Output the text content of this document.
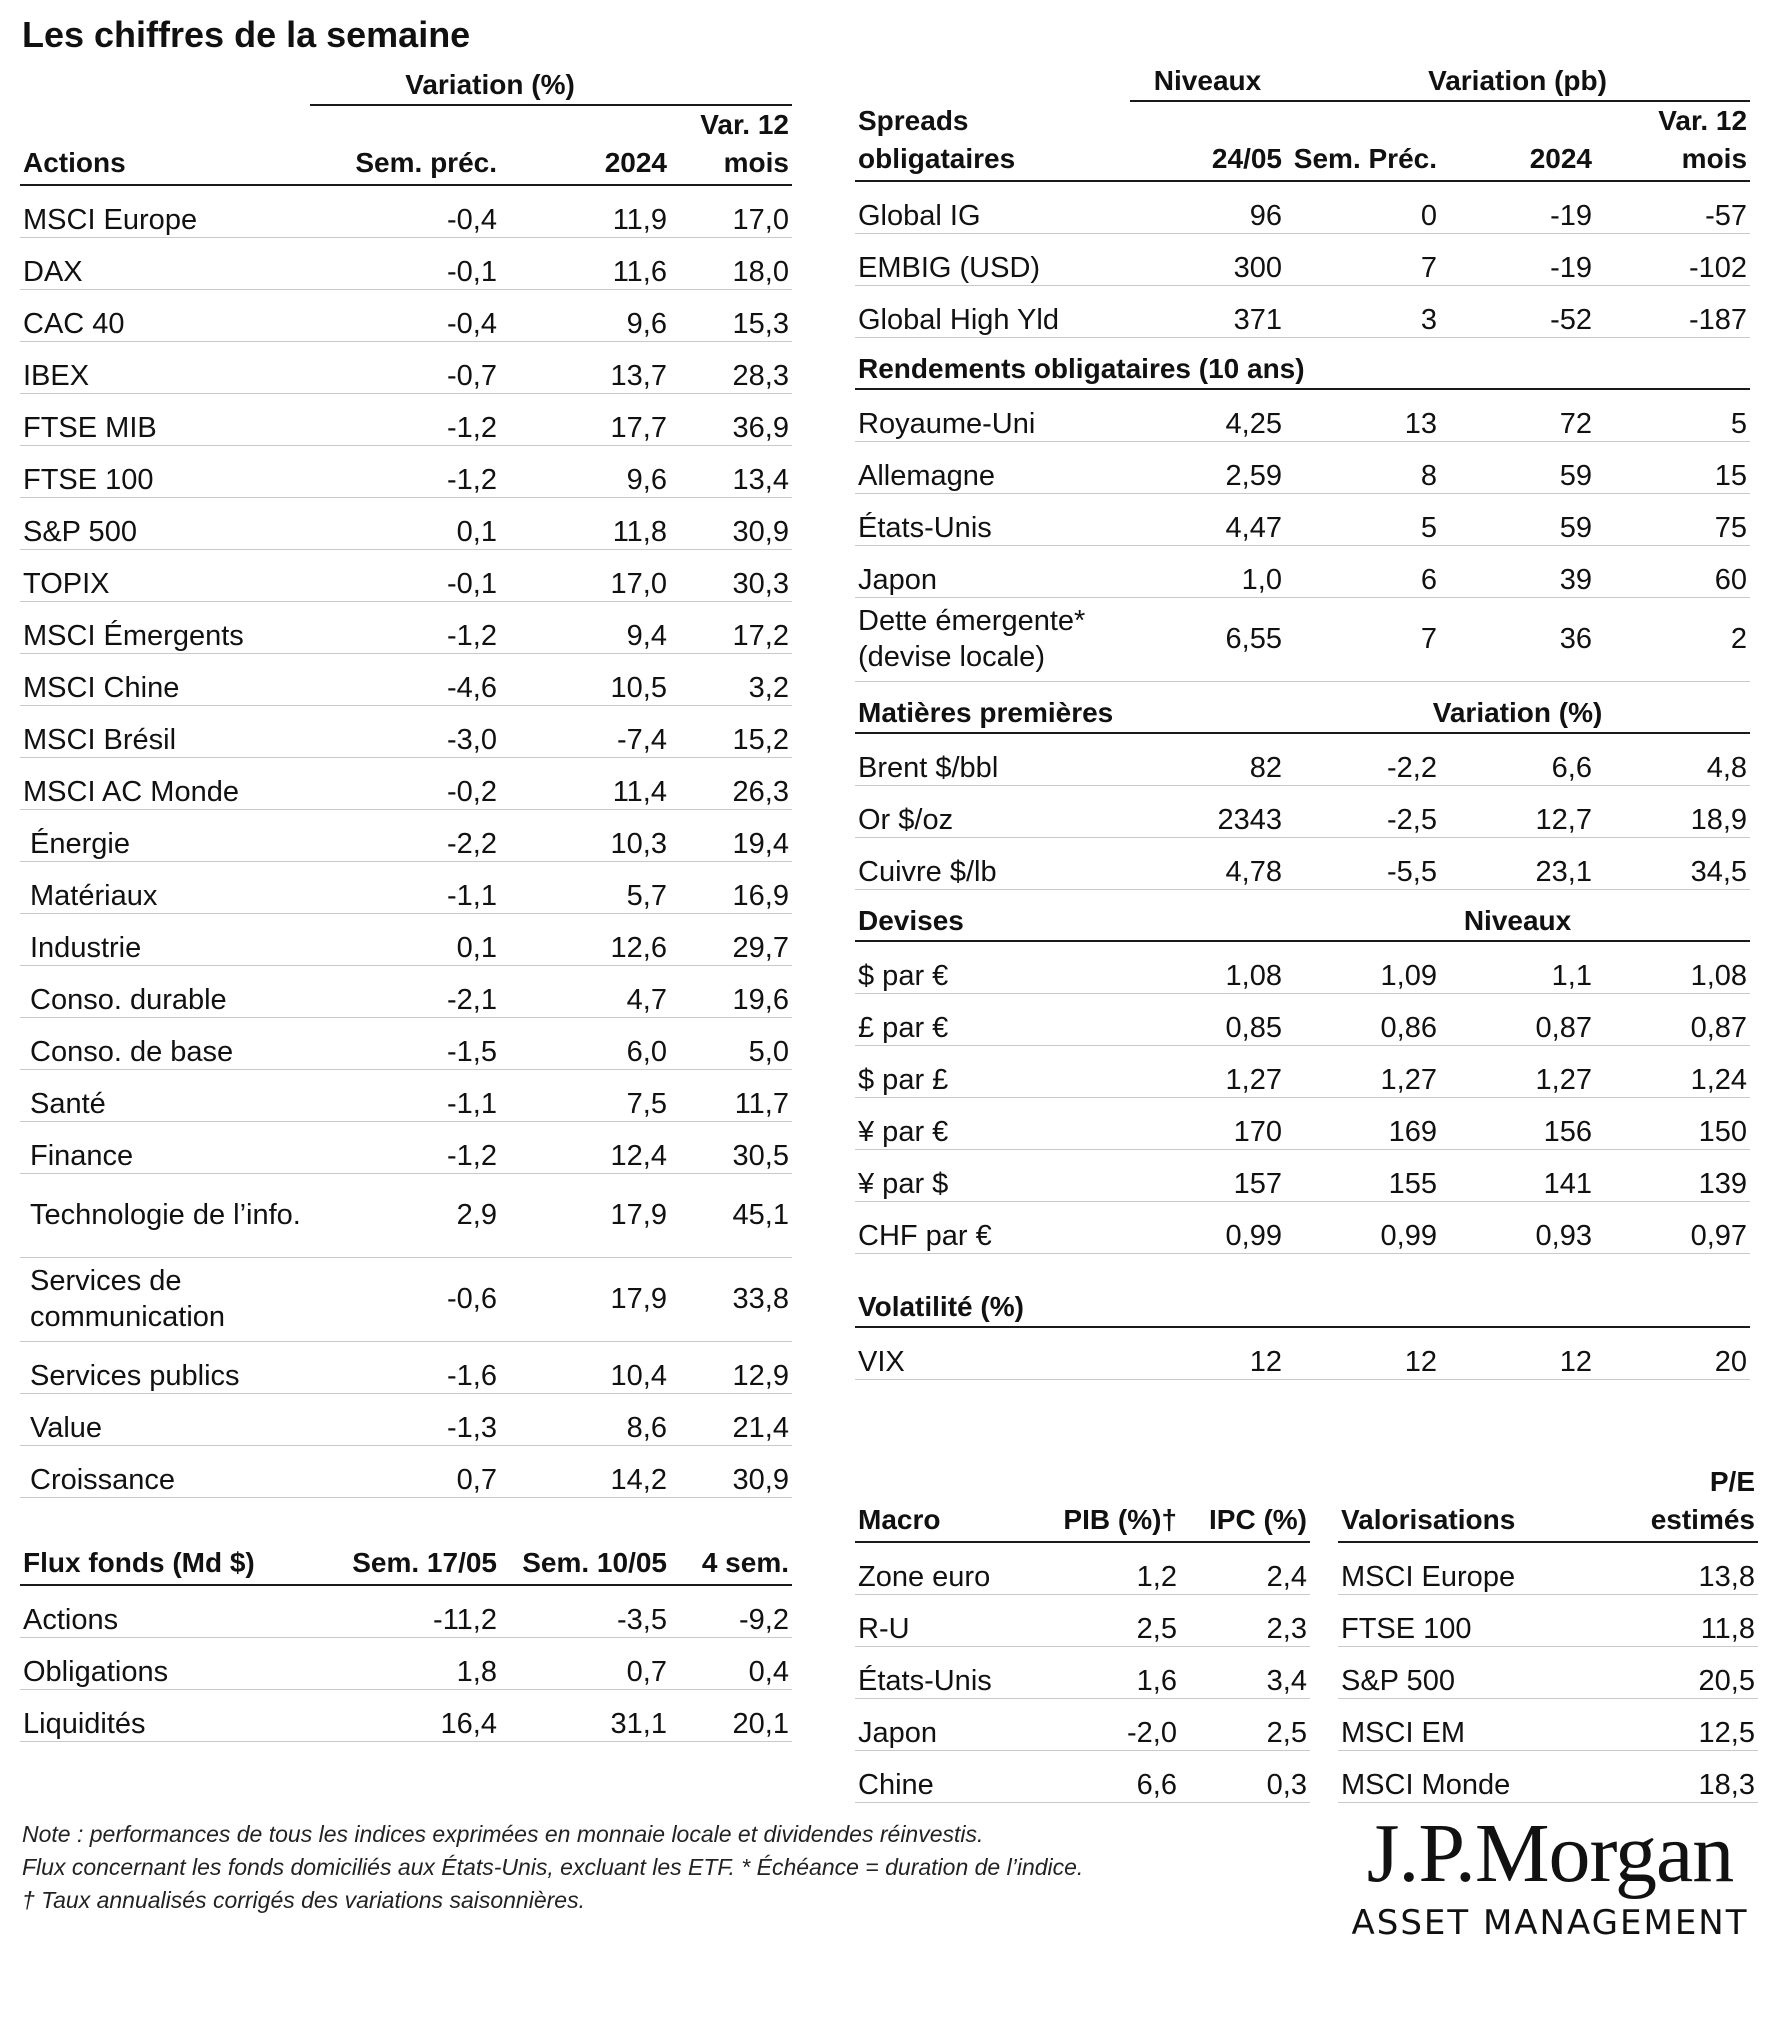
Les chiffres de la semaine
	Variation (%)		
Actions	Sem. préc.	2024	Var. 12 mois
MSCI Europe	-0,4	11,9	17,0
DAX	-0,1	11,6	18,0
CAC 40	-0,4	9,6	15,3
IBEX	-0,7	13,7	28,3
FTSE MIB	-1,2	17,7	36,9
FTSE 100	-1,2	9,6	13,4
S&P 500	0,1	11,8	30,9
TOPIX	-0,1	17,0	30,3
MSCI Émergents	-1,2	9,4	17,2
MSCI Chine	-4,6	10,5	3,2
MSCI Brésil	-3,0	-7,4	15,2
MSCI AC Monde	-0,2	11,4	26,3
Énergie	-2,2	10,3	19,4
Matériaux	-1,1	5,7	16,9
Industrie	0,1	12,6	29,7
Conso. durable	-2,1	4,7	19,6
Conso. de base	-1,5	6,0	5,0
Santé	-1,1	7,5	11,7
Finance	-1,2	12,4	30,5
Technologie de l’info.	2,9	17,9	45,1
Services de communication	-0,6	17,9	33,8
Services publics	-1,6	10,4	12,9
Value	-1,3	8,6	21,4
Croissance	0,7	14,2	30,9
Flux fonds (Md $)	Sem. 17/05	Sem. 10/05	4 sem.
Actions	-11,2	-3,5	-9,2
Obligations	1,8	0,7	0,4
Liquidités	16,4	31,1	20,1
	Niveaux	Variation (pb)		
Spreads obligataires	24/05	Sem. Préc.	2024	Var. 12 mois
Global IG	96	0	-19	-57
EMBIG (USD)	300	7	-19	-102
Global High Yld	371	3	-52	-187
Rendements obligataires (10 ans)				
Royaume-Uni	4,25	13	72	5
Allemagne	2,59	8	59	15
États-Unis	4,47	5	59	75
Japon	1,0	6	39	60
Dette émergente* (devise locale)	6,55	7	36	2
Matières premières		Variation (%)		
Brent $/bbl	82	-2,2	6,6	4,8
Or $/oz	2343	-2,5	12,7	18,9
Cuivre $/lb	4,78	-5,5	23,1	34,5
Devises		Niveaux		
$ par €	1,08	1,09	1,1	1,08
£ par €	0,85	0,86	0,87	0,87
$ par £	1,27	1,27	1,27	1,24
¥ par €	170	169	156	150
¥ par $	157	155	141	139
CHF par €	0,99	0,99	0,93	0,97
Volatilité (%)				
VIX	12	12	12	20
Macro	PIB (%)†	IPC (%)
Zone euro	1,2	2,4
R-U	2,5	2,3
États-Unis	1,6	3,4
Japon	-2,0	2,5
Chine	6,6	0,3
Valorisations	P/E estimés
MSCI Europe	13,8
FTSE 100	11,8
S&P 500	20,5
MSCI EM	12,5
MSCI Monde	18,3

Note : performances de tous les indices exprimées en monnaie locale et dividendes réinvestis.

Flux concernant les fonds domiciliés aux États-Unis, excluant les ETF. * Échéance = duration de l’indice.

† Taux annualisés corrigés des variations saisonnières.	J.P.Morgan
ASSET MANAGEMENT
